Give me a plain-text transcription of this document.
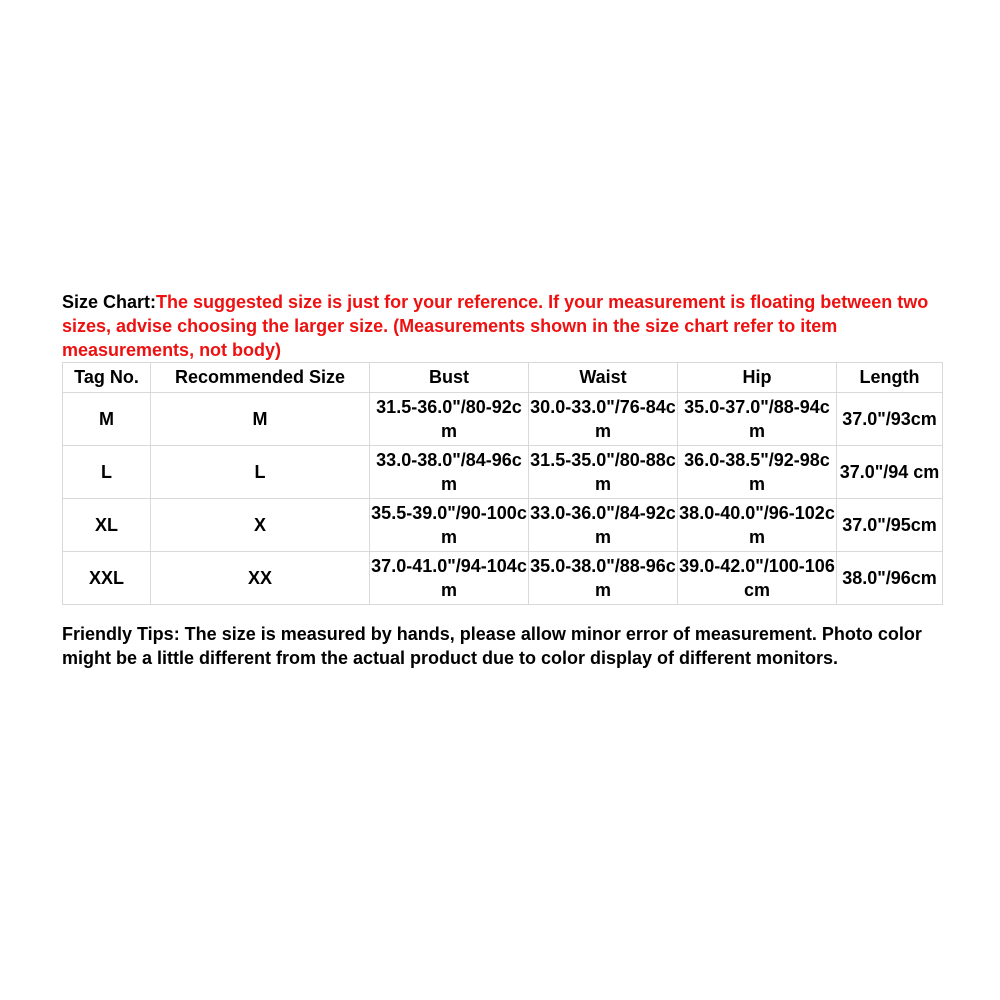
Size Chart:The suggested size is just for your reference. If your measurement is floating between two sizes, advise choosing the larger size. (Measurements shown in the size chart refer to item measurements, not body)

Tag No.	Recommended Size	Bust	Waist	Hip	Length
M	M	31.5-36.0"/80-92cm	30.0-33.0"/76-84cm	35.0-37.0"/88-94cm	37.0"/93cm
L	L	33.0-38.0"/84-96cm	31.5-35.0"/80-88cm	36.0-38.5"/92-98cm	37.0"/94 cm
XL	X	35.5-39.0"/90-100cm	33.0-36.0"/84-92cm	38.0-40.0"/96-102cm	37.0"/95cm
XXL	XX	37.0-41.0"/94-104cm	35.0-38.0"/88-96cm	39.0-42.0"/100-106cm	38.0"/96cm

Friendly Tips: The size is measured by hands, please allow minor error of measurement. Photo color might be a little different from the actual product due to color display of different monitors.
